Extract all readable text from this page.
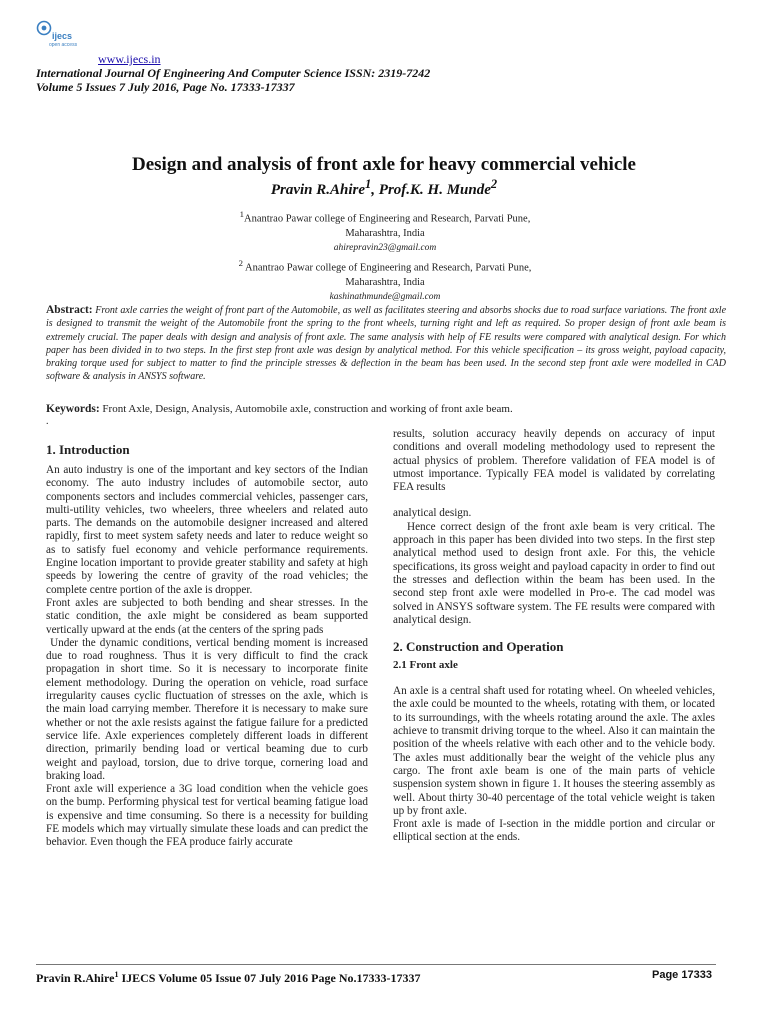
ijecs
open access
www.ijecs.in
International Journal Of Engineering And Computer Science ISSN: 2319-7242
Volume 5 Issues 7 July 2016, Page No. 17333-17337
Design and analysis of front axle for heavy commercial vehicle
Pravin R.Ahire$^1$, Prof.K. H. Munde$^2$
$^1$Anantrao Pawar college of Engineering and Research, Parvati Pune,
Maharashtra, India
ahirepravin23@gmail.com
$^2$ Anantrao Pawar college of Engineering and Research, Parvati Pune,
Maharashtra, India
kashinathmunde@gmail.com
Abstract: Front axle carries the weight of front part of the Automobile, as well as facilitates steering and absorbs shocks due to road surface variations. The front axle is designed to transmit the weight of the Automobile front the spring to the front wheels, turning right and left as required. So proper design of front axle beam is extremely crucial. The paper deals with design and analysis of front axle. The same analysis with help of FE results were compared with analytical design. For which paper has been divided in to two steps. In the first step front axle was design by analytical method. For this vehicle specification – its gross weight, payload capacity, braking torque used for subject to matter to find the principle stresses & deflection in the beam has been used. In the second step front axle were modelled in CAD software & analysis in ANSYS software.
Keywords: Front Axle, Design, Analysis, Automobile axle, construction and working of front axle beam.
.
1. Introduction

An auto industry is one of the important and key sectors of the Indian economy. The auto industry includes of automobile sector, auto components sectors and includes commercial vehicles, passenger cars, multi-utility vehicles, two wheelers, three wheelers and related auto parts. The demands on the automobile designer increased and altered rapidly, first to meet system safety needs and later to reduce weight so as to satisfy fuel economy and vehicle performance requirements. Engine location important to provide greater stability and safety at high speeds by lowering the centre of gravity of the road vehicles; the complete centre portion of the axle is dropper.

Front axles are subjected to both bending and shear stresses. In the static condition, the axle might be considered as beam supported vertically upward at the ends (at the centers of the spring pads

Under the dynamic conditions, vertical bending moment is increased due to road roughness. Thus it is very difficult to find the crack propagation in short time. So it is necessary to incorporate finite element methodology. During the operation on vehicle, road surface irregularity causes cyclic fluctuation of stresses on the axle, which is the main load carrying member. Therefore it is necessary to make sure whether or not the axle resists against the fatigue failure for a predicted service life. Axle experiences completely different loads in different direction, primarily bending load or vertical beaming due to curb weight and payload, torsion, due to drive torque, cornering load and braking load.

Front axle will experience a 3G load condition when the vehicle goes on the bump. Performing physical test for vertical beaming fatigue load is expensive and time consuming. So there is a necessity for building FE models which may virtually simulate these loads and can predict the behavior. Even though the FEA produce fairly accurate

results, solution accuracy heavily depends on accuracy of input conditions and overall modeling methodology used to represent the actual physics of problem. Therefore validation of FEA model is of utmost importance. Typically FEA model is validated by correlating FEA results

analytical design.

Hence correct design of the front axle beam is very critical. The approach in this paper has been divided into two steps. In the first step analytical method used to design front axle. For this, the vehicle specifications, its gross weight and payload capacity in order to find out the stresses and deflection within the beam has been used. In the second step front axle were modelled in Pro-e. The cad model was solved in ANSYS software system. The FE results were compared with analytical design.

2. Construction and Operation
2.1 Front axle

An axle is a central shaft used for rotating wheel. On wheeled vehicles, the axle could be mounted to the wheels, rotating with them, or located to its surroundings, with the wheels rotating around the axle. The axles achieve to transmit driving torque to the wheel. Also it can maintain the position of the wheels relative with each other and to the vehicle body. The axles must additionally bear the weight of the vehicle plus any cargo. The front axle beam is one of the main parts of vehicle suspension system shown in figure 1. It houses the steering assembly as well. About thirty 30-40 percentage of the total vehicle weight is taken up by front axle.

Front axle is made of I-section in the middle portion and circular or elliptical section at the ends.

Pravin R.Ahire$^1$ IJECS Volume 05 Issue 07 July 2016 Page No.17333-17337	Page 17333
